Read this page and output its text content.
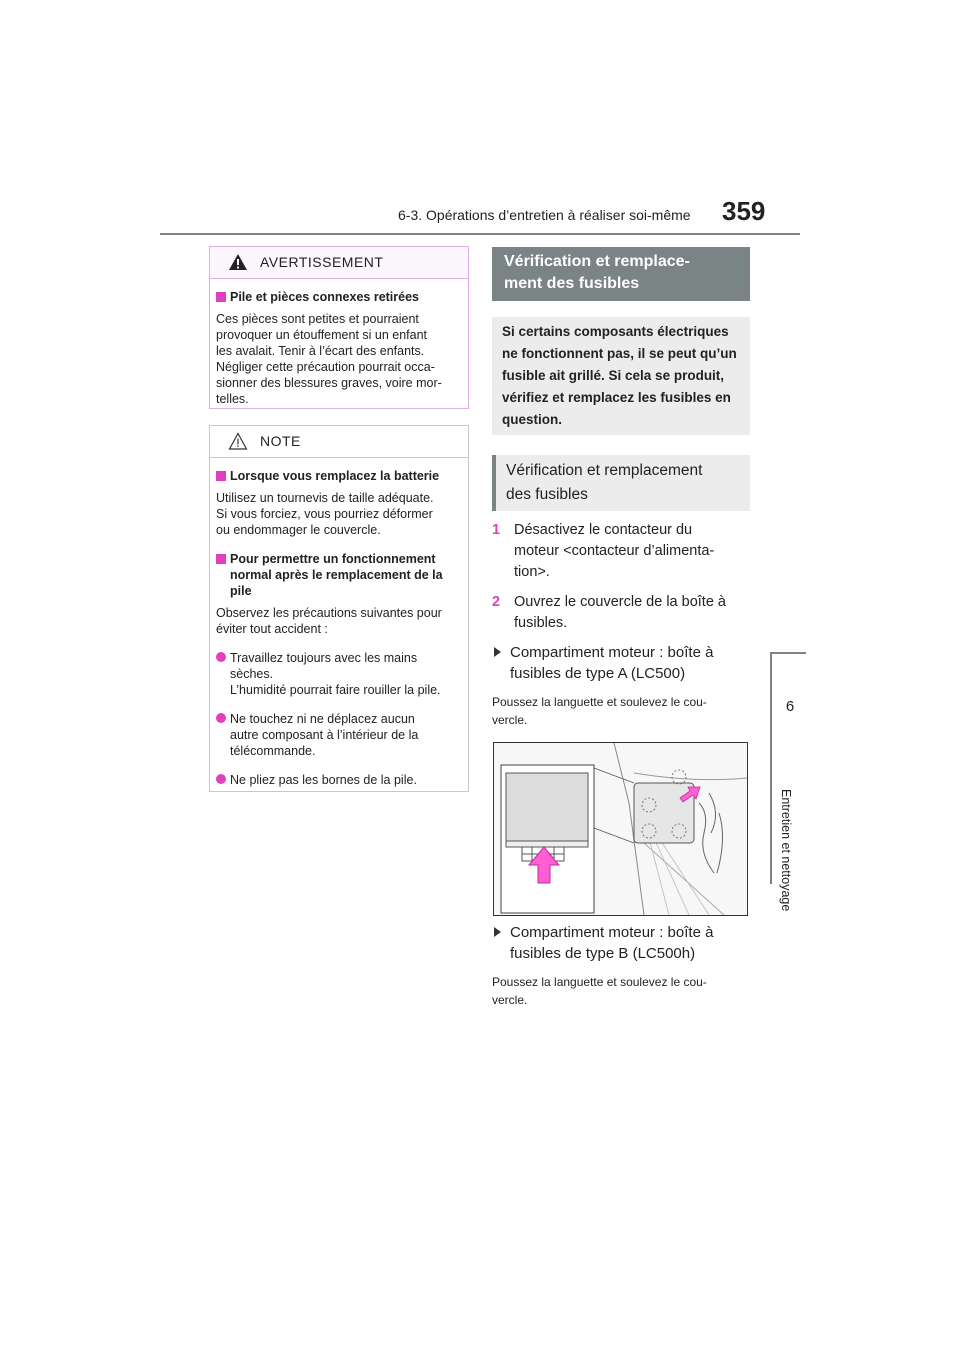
6-3. Opérations d’entretien à réaliser soi-même 359
6
Entretien et nettoyage
AVERTISSEMENT
Pile et pièces connexes retirées
Ces pièces sont petites et pourraient
provoquer un étouffement si un enfant
les avalait. Tenir à l’écart des enfants.
Négliger cette précaution pourrait occa-
sionner des blessures graves, voire mor-
telles.
NOTE
Lorsque vous remplacez la batterie
Utilisez un tournevis de taille adéquate.
Si vous forciez, vous pourriez déformer
ou endommager le couvercle.
Pour permettre un fonctionnement
normal après le remplacement de la
pile
Observez les précautions suivantes pour
éviter tout accident :
Travaillez toujours avec les mains
sèches.
L’humidité pourrait faire rouiller la pile.
Ne touchez ni ne déplacez aucun
autre composant à l’intérieur de la
télécommande.
Ne pliez pas les bornes de la pile.
Vérification et remplace-
ment des fusibles
Si certains composants électriques
ne fonctionnent pas, il se peut qu’un
fusible ait grillé. Si cela se produit,
vérifiez et remplacez les fusibles en
question.
Vérification et remplacement
des fusibles
1 Désactivez le contacteur du
moteur <contacteur d’alimenta-
tion>.
2 Ouvrez le couvercle de la boîte à
fusibles.
Compartiment moteur : boîte à
fusibles de type A (LC500)
Poussez la languette et soulevez le cou-
vercle.
Compartiment moteur : boîte à
fusibles de type B (LC500h)
Poussez la languette et soulevez le cou-
vercle.
